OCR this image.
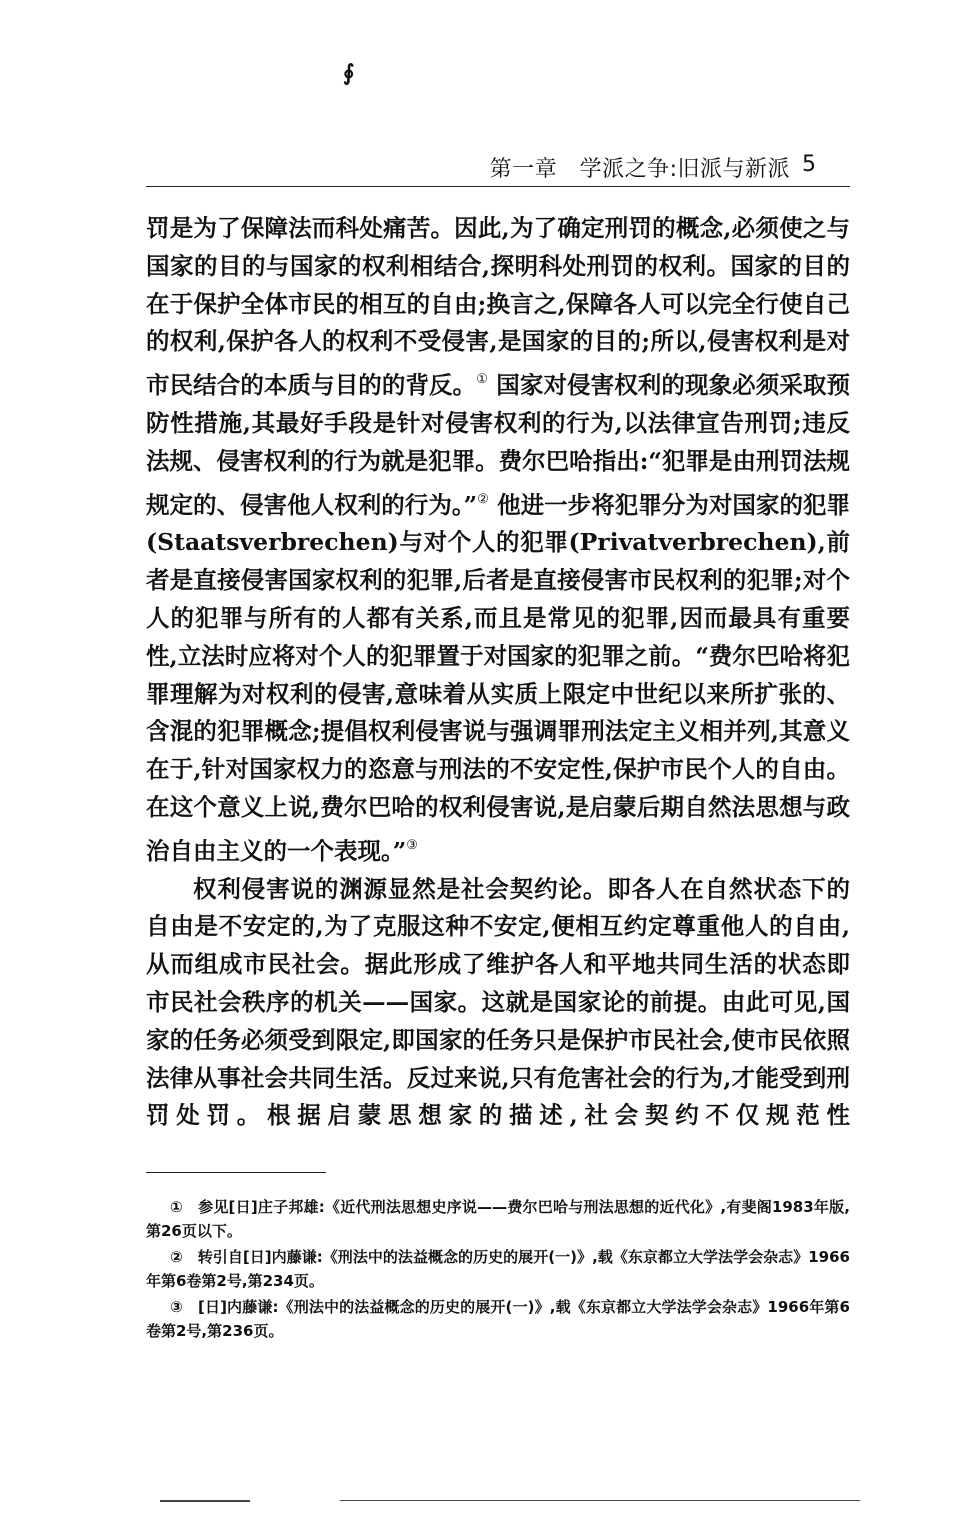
∮
第一章　学派之争:旧派与新派 5

罚是为了保障法而科处痛苦。因此,为了确定刑罚的概念,必须使之与国家的目的与国家的权利相结合,探明科处刑罚的权利。国家的目的在于保护全体市民的相互的自由;换言之,保障各人可以完全行使自己的权利,保护各人的权利不受侵害,是国家的目的;所以,侵害权利是对市民结合的本质与目的的背反。① 国家对侵害权利的现象必须采取预防性措施,其最好手段是针对侵害权利的行为,以法律宣告刑罚;违反法规、侵害权利的行为就是犯罪。费尔巴哈指出:“犯罪是由刑罚法规规定的、侵害他人权利的行为。”② 他进一步将犯罪分为对国家的犯罪(Staatsverbrechen)与对个人的犯罪(Privatverbrechen),前者是直接侵害国家权利的犯罪,后者是直接侵害市民权利的犯罪;对个人的犯罪与所有的人都有关系,而且是常见的犯罪,因而最具有重要性,立法时应将对个人的犯罪置于对国家的犯罪之前。“费尔巴哈将犯罪理解为对权利的侵害,意味着从实质上限定中世纪以来所扩张的、含混的犯罪概念;提倡权利侵害说与强调罪刑法定主义相并列,其意义在于,针对国家权力的恣意与刑法的不安定性,保护市民个人的自由。在这个意义上说,费尔巴哈的权利侵害说,是启蒙后期自然法思想与政治自由主义的一个表现。”③

权利侵害说的渊源显然是社会契约论。即各人在自然状态下的自由是不安定的,为了克服这种不安定,便相互约定尊重他人的自由,从而组成市民社会。据此形成了维护各人和平地共同生活的状态即市民社会秩序的机关——国家。这就是国家论的前提。由此可见,国家的任务必须受到限定,即国家的任务只是保护市民社会,使市民依照法律从事社会共同生活。反过来说,只有危害社会的行为,才能受到刑罚处罚。根据启蒙思想家的描述,社会契约不仅规范性

①　参见[日]庄子邦雄:《近代刑法思想史序说——费尔巴哈与刑法思想的近代化》,有斐阁1983年版,第26页以下。

②　转引自[日]内藤谦:《刑法中的法益概念的历史的展开(一)》,载《东京都立大学法学会杂志》1966年第6卷第2号,第234页。

③　[日]内藤谦:《刑法中的法益概念的历史的展开(一)》,载《东京都立大学法学会杂志》1966年第6卷第2号,第236页。
